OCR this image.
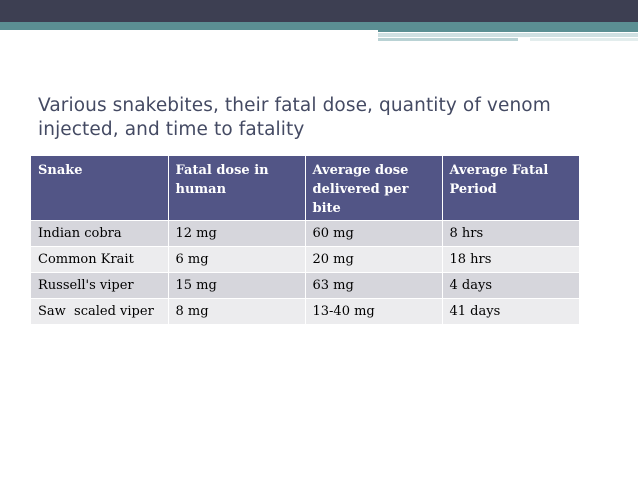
Various snakebites, their fatal dose, quantity of venom injected, and time to fatality
Snake	Fatal dose in human	Average dose delivered per bite	Average Fatal Period
Indian cobra	12 mg	60 mg	8 hrs
Common Krait	6 mg	20 mg	18 hrs
Russell's viper	15 mg	63 mg	4 days
Saw  scaled viper	8 mg	13-40 mg	41 days
